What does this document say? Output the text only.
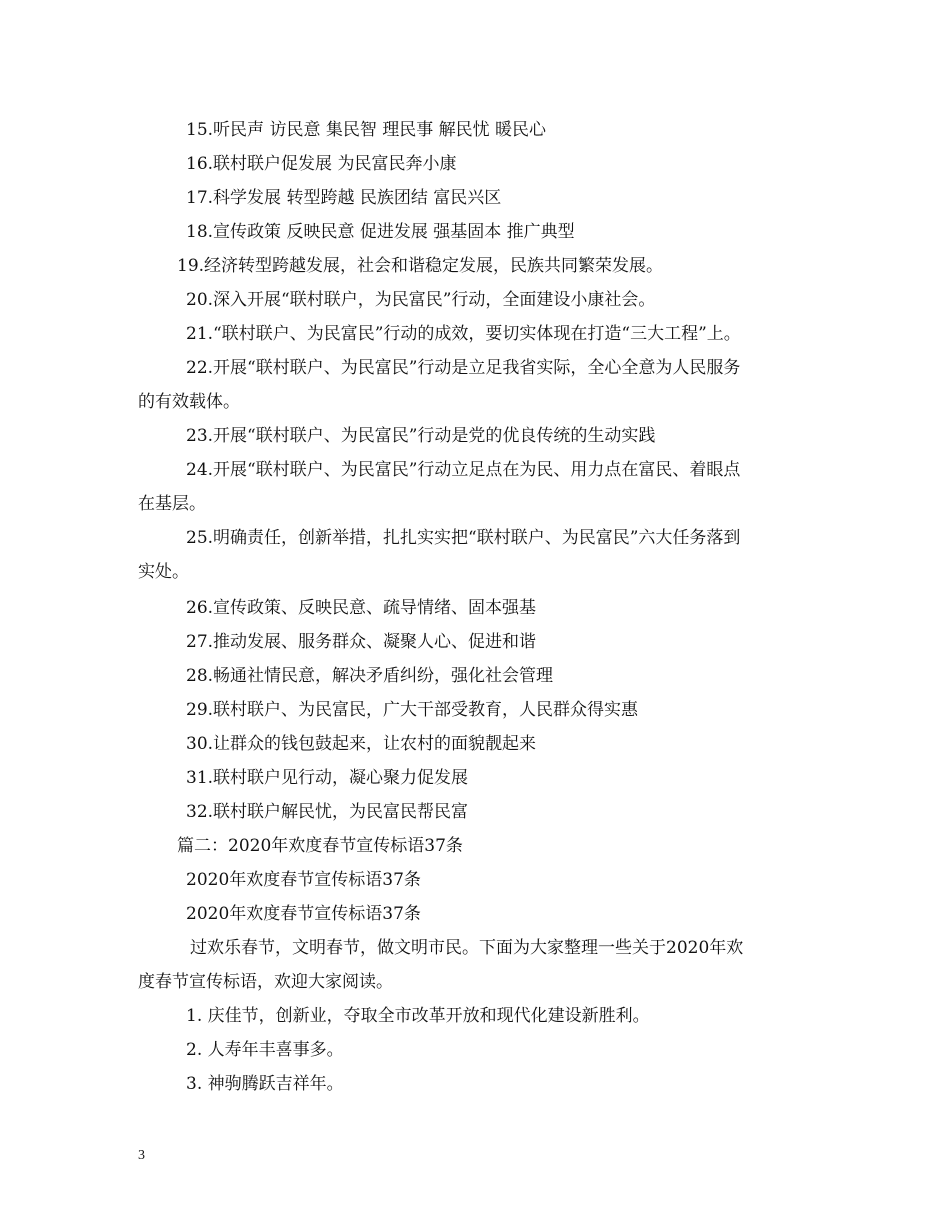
15.听民声 访民意 集民智 理民事 解民忧 暖民心
16.联村联户促发展 为民富民奔小康
17.科学发展 转型跨越 民族团结 富民兴区
18.宣传政策 反映民意 促进发展 强基固本 推广典型
19.经济转型跨越发展，社会和谐稳定发展，民族共同繁荣发展。
20.深入开展“联村联户，为民富民”行动，全面建设小康社会。
21.“联村联户、为民富民”行动的成效，要切实体现在打造“三大工程”上。
22.开展“联村联户、为民富民”行动是立足我省实际，全心全意为人民服务
的有效载体。
23.开展“联村联户、为民富民”行动是党的优良传统的生动实践
24.开展“联村联户、为民富民”行动立足点在为民、用力点在富民、着眼点
在基层。
25.明确责任，创新举措，扎扎实实把“联村联户、为民富民”六大任务落到
实处。
26.宣传政策、反映民意、疏导情绪、固本强基
27.推动发展、服务群众、凝聚人心、促进和谐
28.畅通社情民意，解决矛盾纠纷，强化社会管理
29.联村联户、为民富民，广大干部受教育，人民群众得实惠
30.让群众的钱包鼓起来，让农村的面貌靓起来
31.联村联户见行动，凝心聚力促发展
32.联村联户解民忧，为民富民帮民富
篇二：2020年欢度春节宣传标语37条
2020年欢度春节宣传标语37条
2020年欢度春节宣传标语37条
过欢乐春节，文明春节，做文明市民。下面为大家整理一些关于2020年欢
度春节宣传标语，欢迎大家阅读。
1. 庆佳节，创新业，夺取全市改革开放和现代化建设新胜利。
2. 人寿年丰喜事多。
3. 神驹腾跃吉祥年。
3
